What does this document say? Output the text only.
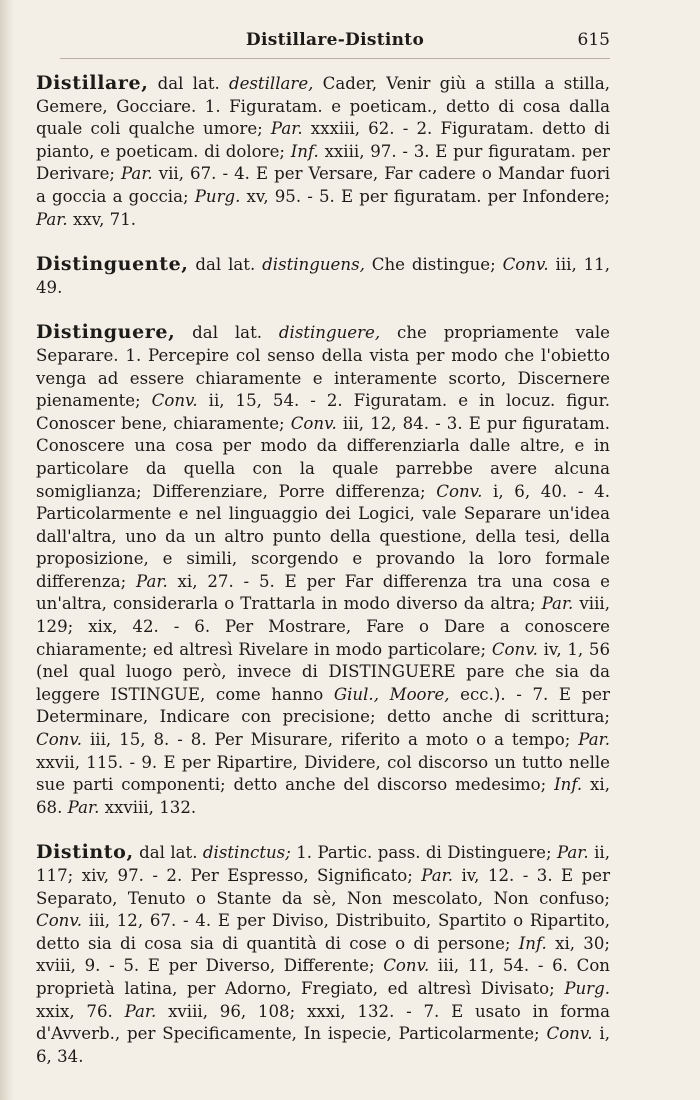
Distillare-Distinto	615

Distillare, dal lat. destillare, Cader, Venir giù a stilla a stilla, Gemere, Gocciare. 1. Figuratam. e poeticam., detto di cosa dalla quale coli qualche umore; Par. xxxiii, 62. - 2. Figuratam. detto di pianto, e poeticam. di dolore; Inf. xxiii, 97. - 3. E pur figuratam. per Derivare; Par. vii, 67. - 4. E per Versare, Far cadere o Mandar fuori a goccia a goccia; Purg. xv, 95. - 5. E per figuratam. per Infondere; Par. xxv, 71.

Distinguente, dal lat. distinguens, Che distingue; Conv. iii, 11, 49.

Distinguere, dal lat. distinguere, che propriamente vale Separare. 1. Percepire col senso della vista per modo che l'obietto venga ad essere chiaramente e interamente scorto, Discernere pienamente; Conv. ii, 15, 54. - 2. Figuratam. e in locuz. figur. Conoscer bene, chiaramente; Conv. iii, 12, 84. - 3. E pur figuratam. Conoscere una cosa per modo da differenziarla dalle altre, e in particolare da quella con la quale parrebbe avere alcuna somiglianza; Differenziare, Porre differenza; Conv. i, 6, 40. - 4. Particolarmente e nel linguaggio dei Logici, vale Separare un'idea dall'altra, uno da un altro punto della questione, della tesi, della proposizione, e simili, scorgendo e provando la loro formale differenza; Par. xi, 27. - 5. E per Far differenza tra una cosa e un'altra, considerarla o Trattarla in modo diverso da altra; Par. viii, 129; xix, 42. - 6. Per Mostrare, Fare o Dare a conoscere chiaramente; ed altresì Rivelare in modo particolare; Conv. iv, 1, 56 (nel qual luogo però, invece di DISTINGUERE pare che sia da leggere ISTINGUE, come hanno Giul., Moore, ecc.). - 7. E per Determinare, Indicare con precisione; detto anche di scrittura; Conv. iii, 15, 8. - 8. Per Misurare, riferito a moto o a tempo; Par. xxvii, 115. - 9. E per Ripartire, Dividere, col discorso un tutto nelle sue parti componenti; detto anche del discorso medesimo; Inf. xi, 68. Par. xxviii, 132.

Distinto, dal lat. distinctus; 1. Partic. pass. di Distinguere; Par. ii, 117; xiv, 97. - 2. Per Espresso, Significato; Par. iv, 12. - 3. E per Separato, Tenuto o Stante da sè, Non mescolato, Non confuso; Conv. iii, 12, 67. - 4. E per Diviso, Distribuito, Spartito o Ripartito, detto sia di cosa sia di quantità di cose o di persone; Inf. xi, 30; xviii, 9. - 5. E per Diverso, Differente; Conv. iii, 11, 54. - 6. Con proprietà latina, per Adorno, Fregiato, ed altresì Divisato; Purg. xxix, 76. Par. xviii, 96, 108; xxxi, 132. - 7. E usato in forma d'Avverb., per Specificamente, In ispecie, Particolarmente; Conv. i, 6, 34.
